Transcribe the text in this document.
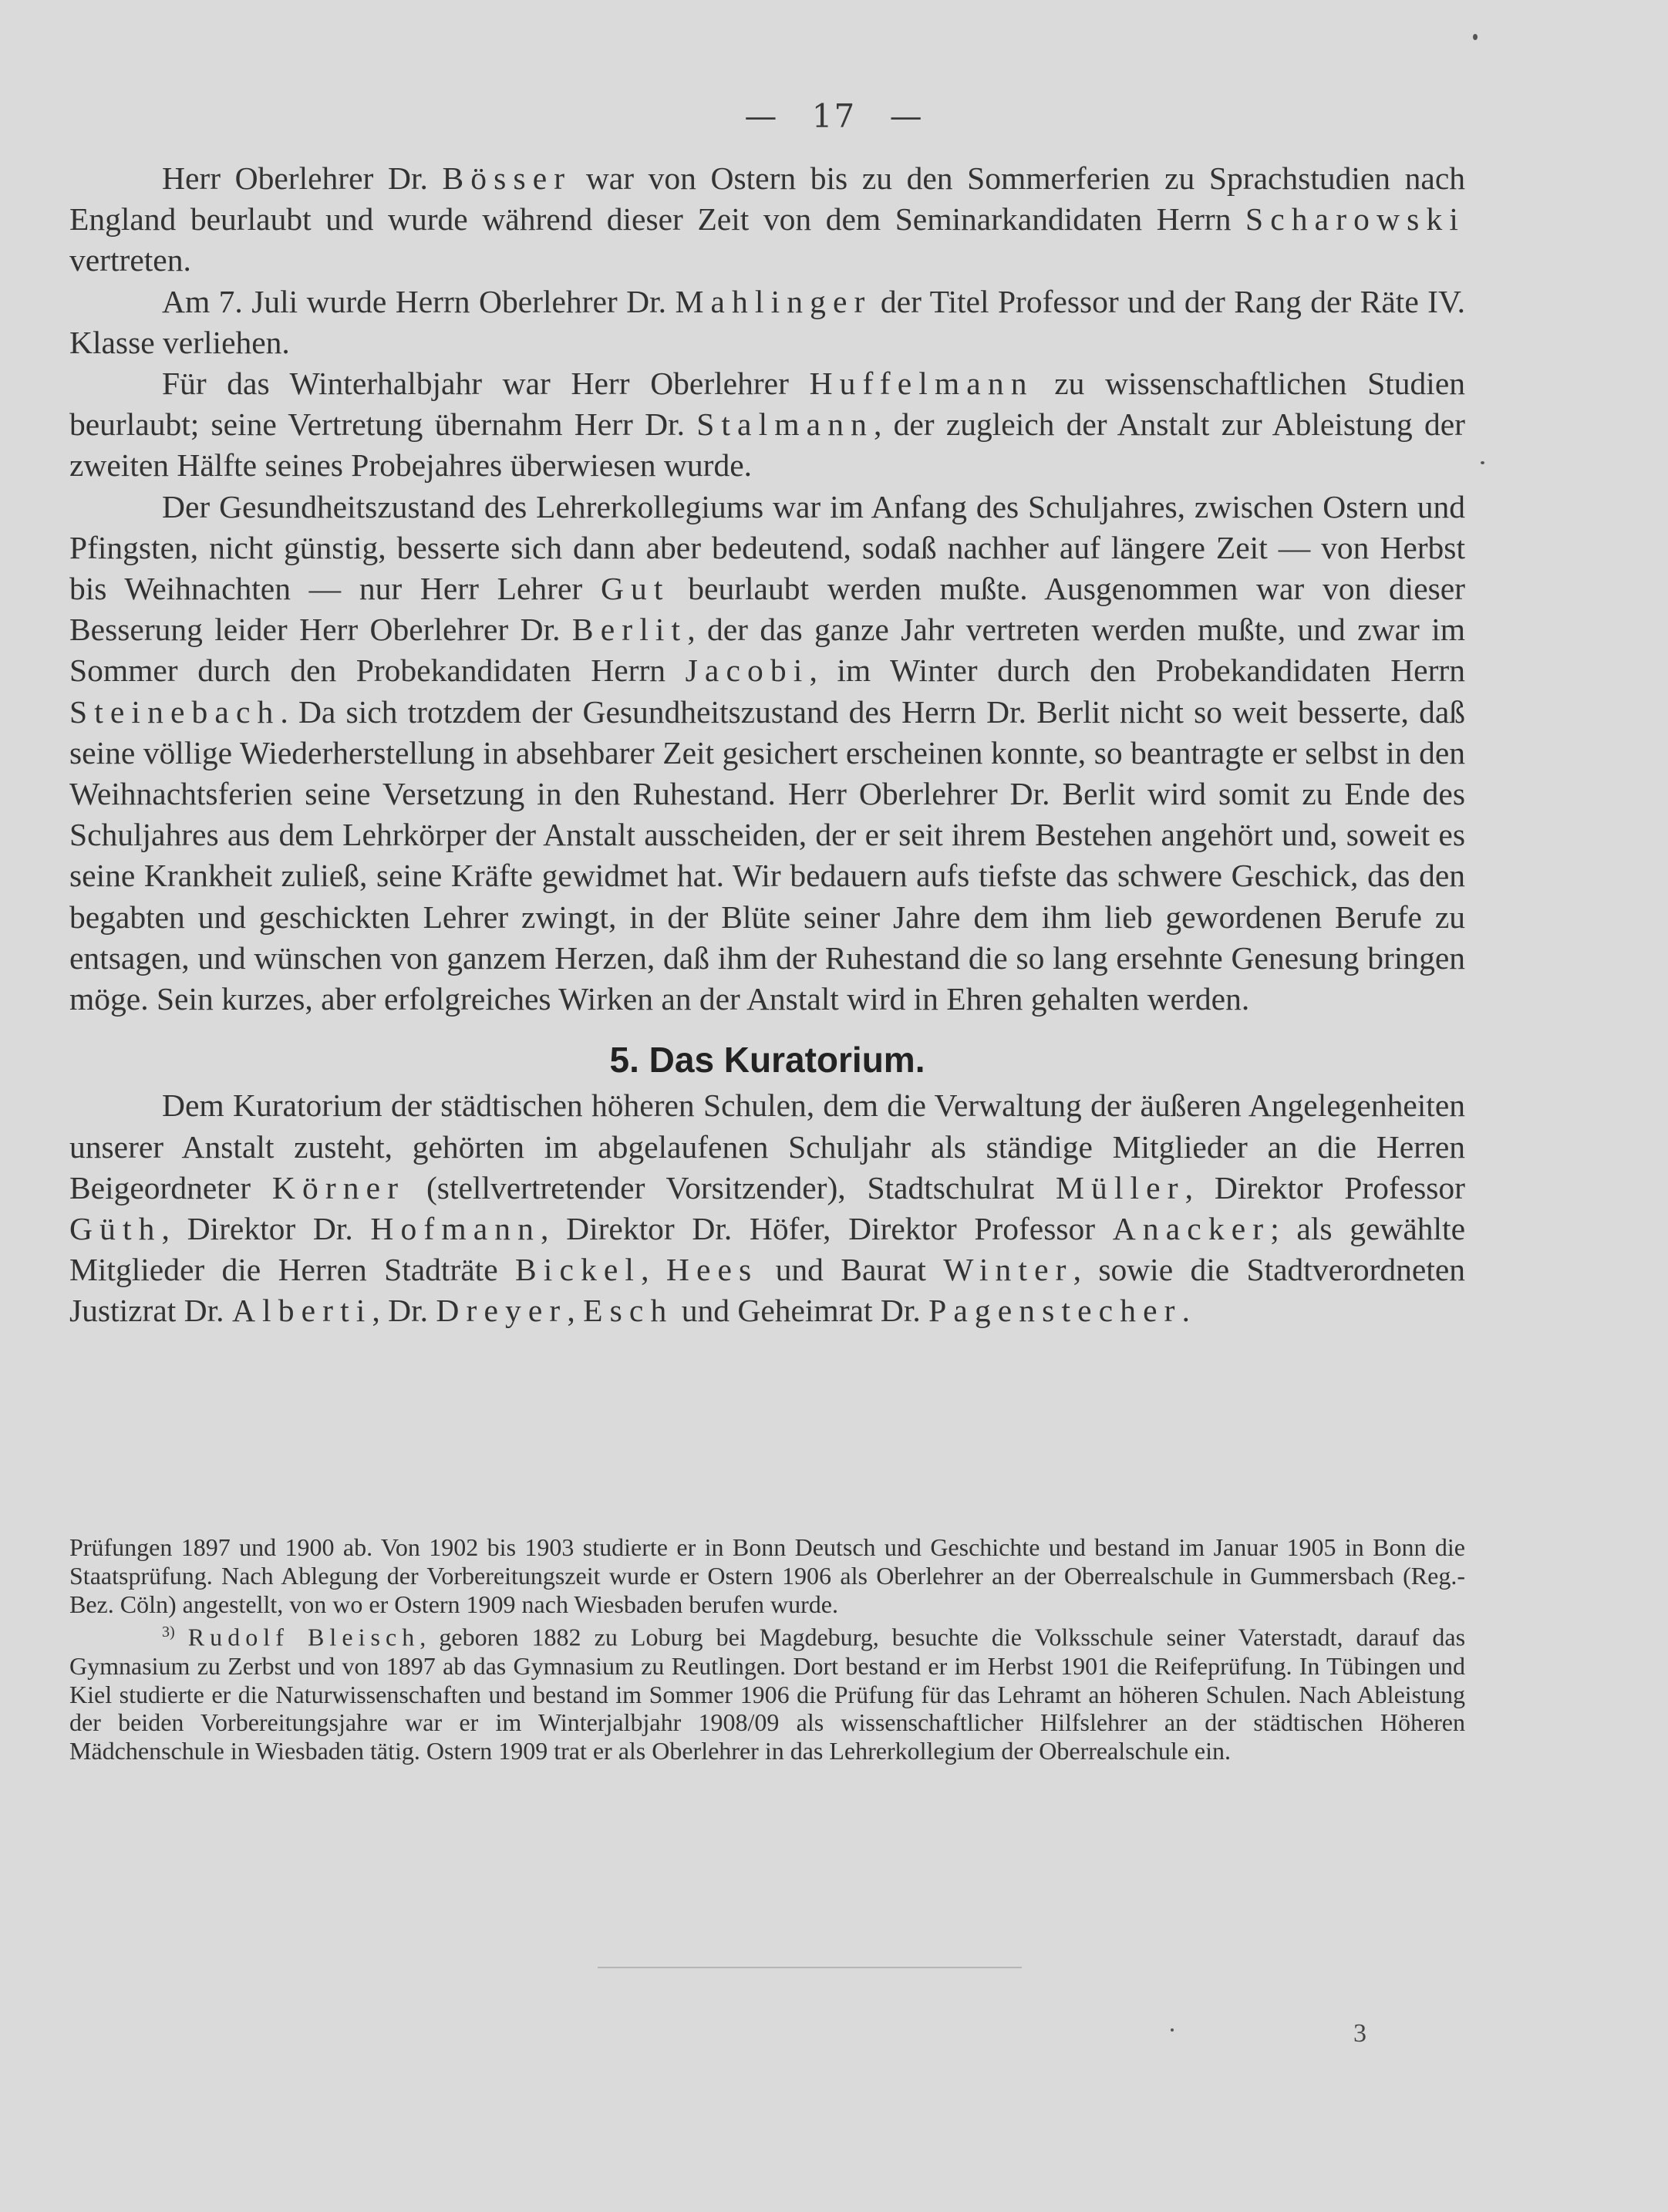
— 17 —

Herr Oberlehrer Dr. Bösser war von Ostern bis zu den Sommerferien zu Sprachstudien nach England beurlaubt und wurde während dieser Zeit von dem Seminarkandidaten Herrn Scharowski vertreten.

Am 7. Juli wurde Herrn Oberlehrer Dr. Mahlinger der Titel Professor und der Rang der Räte IV. Klasse verliehen.

Für das Winterhalbjahr war Herr Oberlehrer Huffelmann zu wissenschaftlichen Studien beurlaubt; seine Vertretung übernahm Herr Dr. Stalmann, der zugleich der Anstalt zur Ableistung der zweiten Hälfte seines Probejahres überwiesen wurde.

Der Gesundheitszustand des Lehrerkollegiums war im Anfang des Schuljahres, zwischen Ostern und Pfingsten, nicht günstig, besserte sich dann aber bedeutend, sodaß nachher auf längere Zeit — von Herbst bis Weihnachten — nur Herr Lehrer Gut beurlaubt werden mußte. Ausgenommen war von dieser Besserung leider Herr Oberlehrer Dr. Berlit, der das ganze Jahr vertreten werden mußte, und zwar im Sommer durch den Probekandidaten Herrn Jacobi, im Winter durch den Probekandidaten Herrn Steinebach. Da sich trotzdem der Gesundheitszustand des Herrn Dr. Berlit nicht so weit besserte, daß seine völlige Wiederherstellung in absehbarer Zeit gesichert erscheinen konnte, so beantragte er selbst in den Weihnachtsferien seine Versetzung in den Ruhestand. Herr Oberlehrer Dr. Berlit wird somit zu Ende des Schuljahres aus dem Lehrkörper der Anstalt ausscheiden, der er seit ihrem Bestehen angehört und, soweit es seine Krankheit zuließ, seine Kräfte gewidmet hat. Wir bedauern aufs tiefste das schwere Geschick, das den begabten und geschickten Lehrer zwingt, in der Blüte seiner Jahre dem ihm lieb gewordenen Berufe zu entsagen, und wünschen von ganzem Herzen, daß ihm der Ruhestand die so lang ersehnte Genesung bringen möge. Sein kurzes, aber erfolgreiches Wirken an der Anstalt wird in Ehren gehalten werden.

5. Das Kuratorium.

Dem Kuratorium der städtischen höheren Schulen, dem die Verwaltung der äußeren Angelegenheiten unserer Anstalt zusteht, gehörten im abgelaufenen Schuljahr als ständige Mitglieder an die Herren Beigeordneter Körner (stellvertretender Vorsitzender), Stadtschulrat Müller, Direktor Professor Güth, Direktor Dr. Hofmann, Direktor Dr. Höfer, Direktor Professor Anacker; als gewählte Mitglieder die Herren Stadträte Bickel, Hees und Baurat Winter, sowie die Stadtverordneten Justizrat Dr. Alberti, Dr. Dreyer, Esch und Geheimrat Dr. Pagenstecher.

Prüfungen 1897 und 1900 ab. Von 1902 bis 1903 studierte er in Bonn Deutsch und Geschichte und bestand im Januar 1905 in Bonn die Staatsprüfung. Nach Ablegung der Vorbereitungszeit wurde er Ostern 1906 als Oberlehrer an der Oberrealschule in Gummersbach (Reg.-Bez. Cöln) angestellt, von wo er Ostern 1909 nach Wiesbaden berufen wurde.

$^{3)}$ Rudolf Bleisch, geboren 1882 zu Loburg bei Magdeburg, besuchte die Volksschule seiner Vaterstadt, darauf das Gymnasium zu Zerbst und von 1897 ab das Gymnasium zu Reutlingen. Dort bestand er im Herbst 1901 die Reifeprüfung. In Tübingen und Kiel studierte er die Naturwissenschaften und bestand im Sommer 1906 die Prüfung für das Lehramt an höheren Schulen. Nach Ableistung der beiden Vorbereitungsjahre war er im Winterjalbjahr 1908/09 als wissenschaftlicher Hilfslehrer an der städtischen Höheren Mädchenschule in Wiesbaden tätig. Ostern 1909 trat er als Oberlehrer in das Lehrerkollegium der Oberrealschule ein.

3
